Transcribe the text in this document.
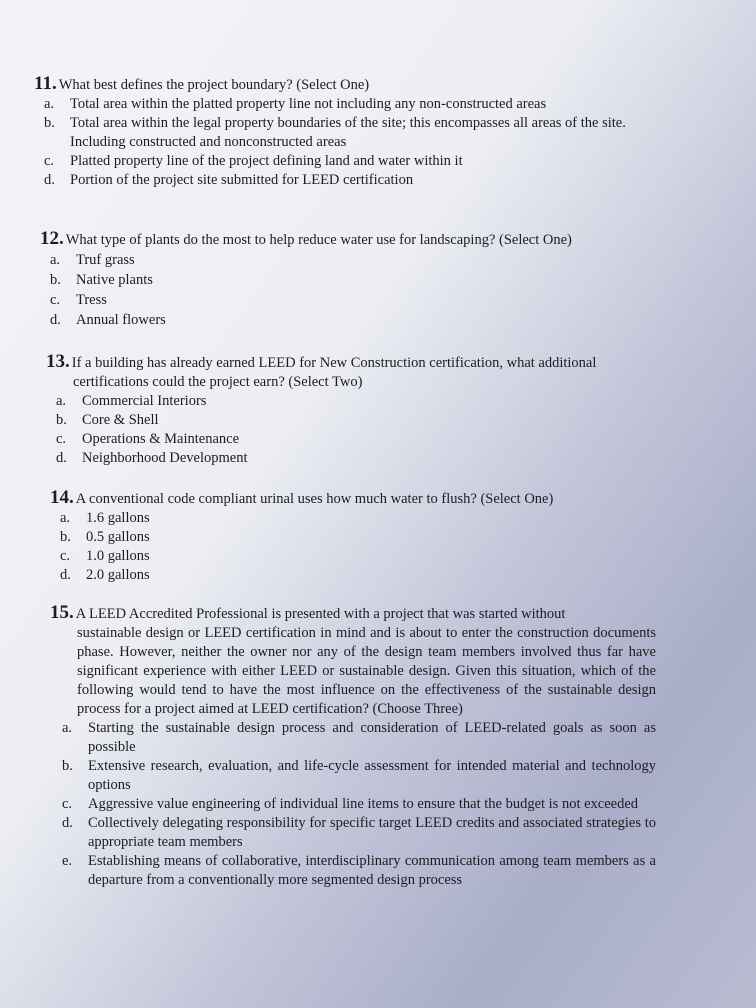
11. What best defines the project boundary? (Select One)
a.	Total area within the platted property line not including any non-constructed areas
b.	Total area within the legal property boundaries of the site; this encompasses all areas of the site. Including constructed and nonconstructed areas
c.	Platted property line of the project defining land and water within it
d.	Portion of the project site submitted for LEED certification
12. What type of plants do the most to help reduce water use for landscaping? (Select One)
a.	Truf grass
b.	Native plants
c.	Tress
d.	Annual flowers
13. If a building has already earned LEED for New Construction certification, what additional
certifications could the project earn? (Select Two)
a.	Commercial Interiors
b.	Core & Shell
c.	Operations & Maintenance
d.	Neighborhood Development
14. A conventional code compliant urinal uses how much water to flush? (Select One)
a.	1.6 gallons
b.	0.5 gallons
c.	1.0 gallons
d.	2.0 gallons
15. A LEED Accredited Professional is presented with a project that was started without
sustainable design or LEED certification in mind and is about to enter the construction documents phase. However, neither the owner nor any of the design team members involved thus far have significant experience with either LEED or sustainable design. Given this situation, which of the following would tend to have the most influence on the effectiveness of the sustainable design process for a project aimed at LEED certification? (Choose Three)
a.	Starting the sustainable design process and consideration of LEED-related goals as soon as possible
b.	Extensive research, evaluation, and life-cycle assessment for intended material and technology options
c.	Aggressive value engineering of individual line items to ensure that the budget is not exceeded
d.	Collectively delegating responsibility for specific target LEED credits and associated strategies to appropriate team members
e.	Establishing means of collaborative, interdisciplinary communication among team members as a departure from a conventionally more segmented design process
